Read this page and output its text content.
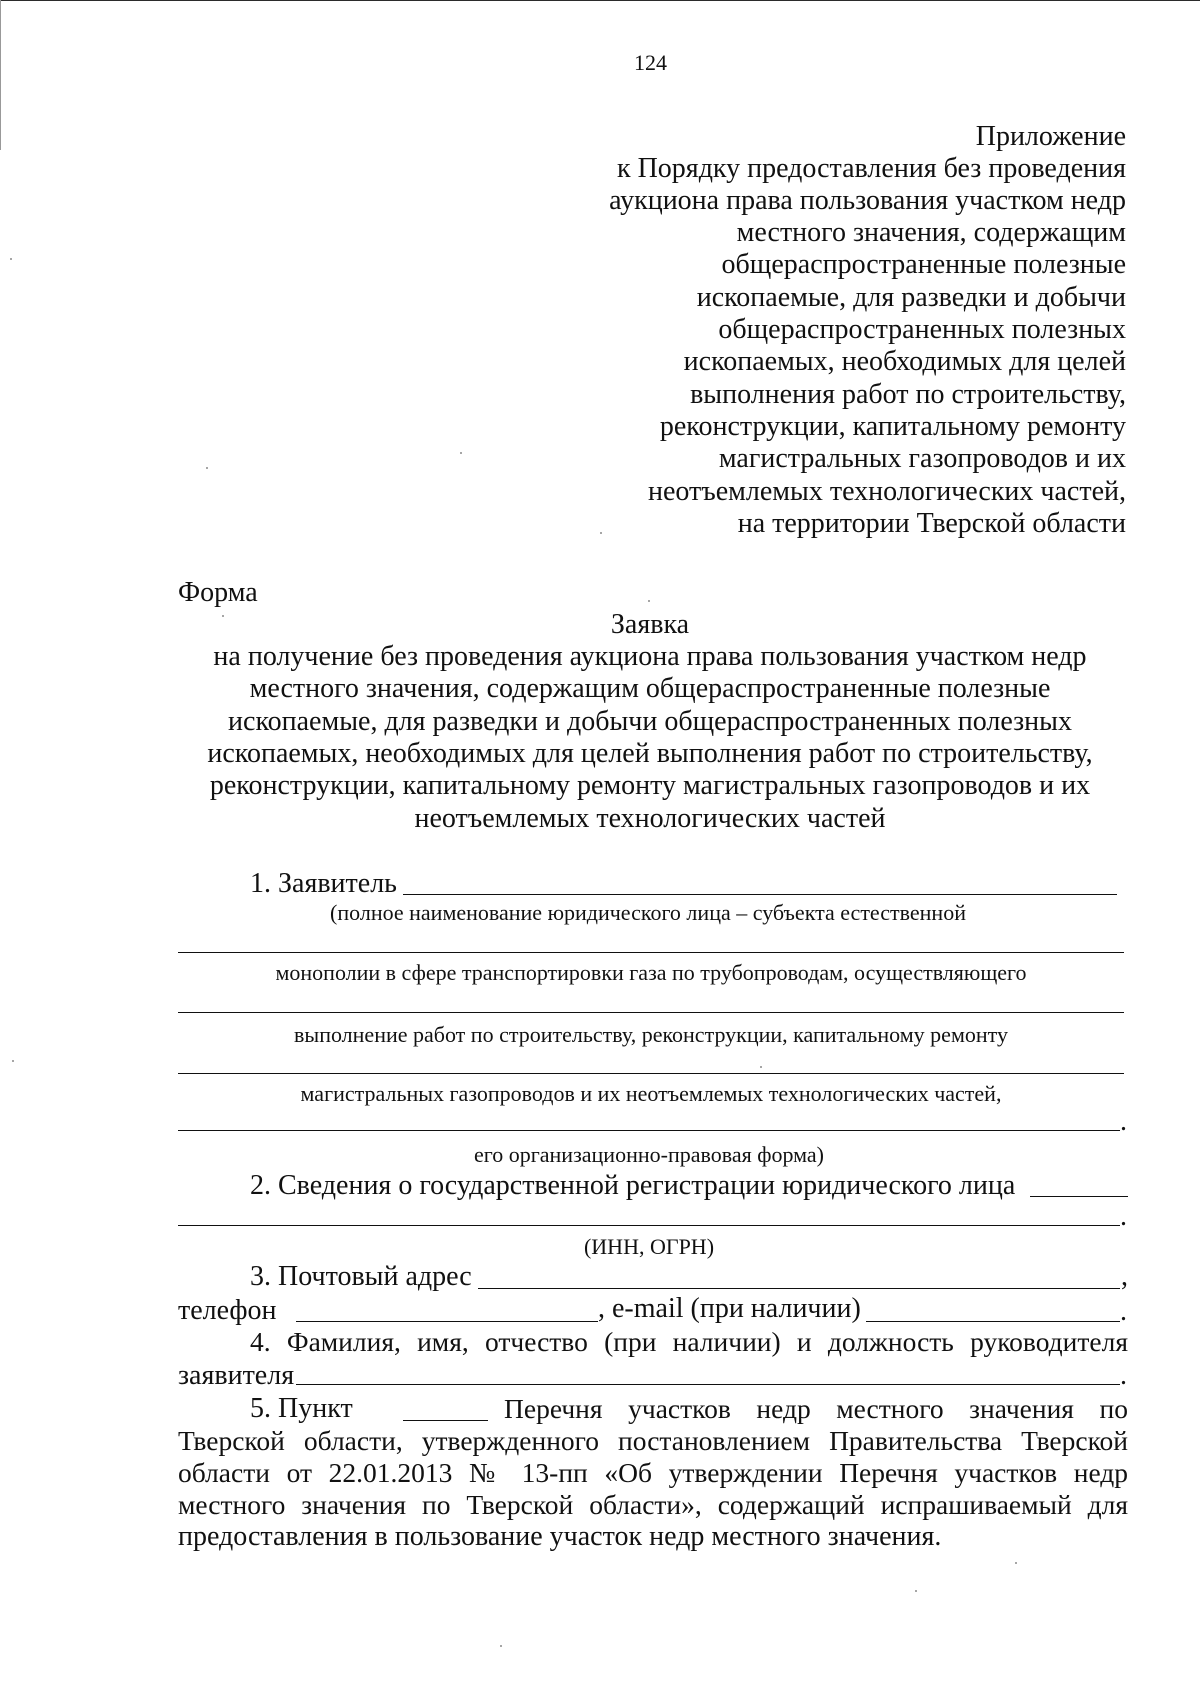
124
Приложение
к Порядку предоставления без проведения
аукциона права пользования участком недр
местного значения, содержащим
общераспространенные полезные
ископаемые, для разведки и добычи
общераспространенных полезных
ископаемых, необходимых для целей
выполнения работ по строительству,
реконструкции, капитальному ремонту
магистральных газопроводов и их
неотъемлемых технологических частей,
на территории Тверской области
Форма
Заявка
на получение без проведения аукциона права пользования участком недр
местного значения, содержащим общераспространенные полезные
ископаемые, для разведки и добычи общераспространенных полезных
ископаемых, необходимых для целей выполнения работ по строительству,
реконструкции, капитальному ремонту магистральных газопроводов и их
неотъемлемых технологических частей
1. Заявитель
(полное наименование юридического лица – субъекта естественной
монополии в сфере транспортировки газа по трубопроводам, осуществляющего
выполнение работ по строительству, реконструкции, капитальному ремонту
магистральных газопроводов и их неотъемлемых технологических частей,
.
его организационно-правовая форма)
2. Сведения о государственной регистрации юридического лица
.
(ИНН, ОГРН)
3. Почтовый адрес	,
телефон	, e-mail (при наличии)	.
4. Фамилия, имя, отчество (при наличии) и должность руководителя
заявителя	.
5. Пункт	Перечня участков недр местного значения по
Тверской области, утвержденного постановлением Правительства Тверской
области от 22.01.2013 № 13-пп «Об утверждении Перечня участков недр
местного значения по Тверской области», содержащий испрашиваемый для
предоставления в пользование участок недр местного значения.
